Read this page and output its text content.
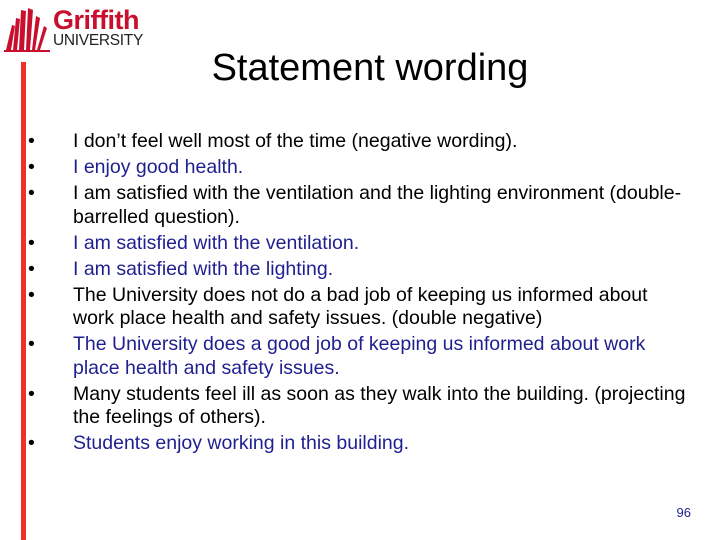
Griffith
UNIVERSITY
Statement wording
• I don’t feel well most of the time (negative wording).
• I enjoy good health.
• I am satisfied with the ventilation and the lighting environment (double-barrelled question).
• I am satisfied with the ventilation.
• I am satisfied with the lighting.
• The University does not do a bad job of keeping us informed about work place health and safety issues. (double negative)
• The University does a good job of keeping us informed about work place health and safety issues.
• Many students feel ill as soon as they walk into the building. (projecting the feelings of others).
• Students enjoy working in this building.
96
